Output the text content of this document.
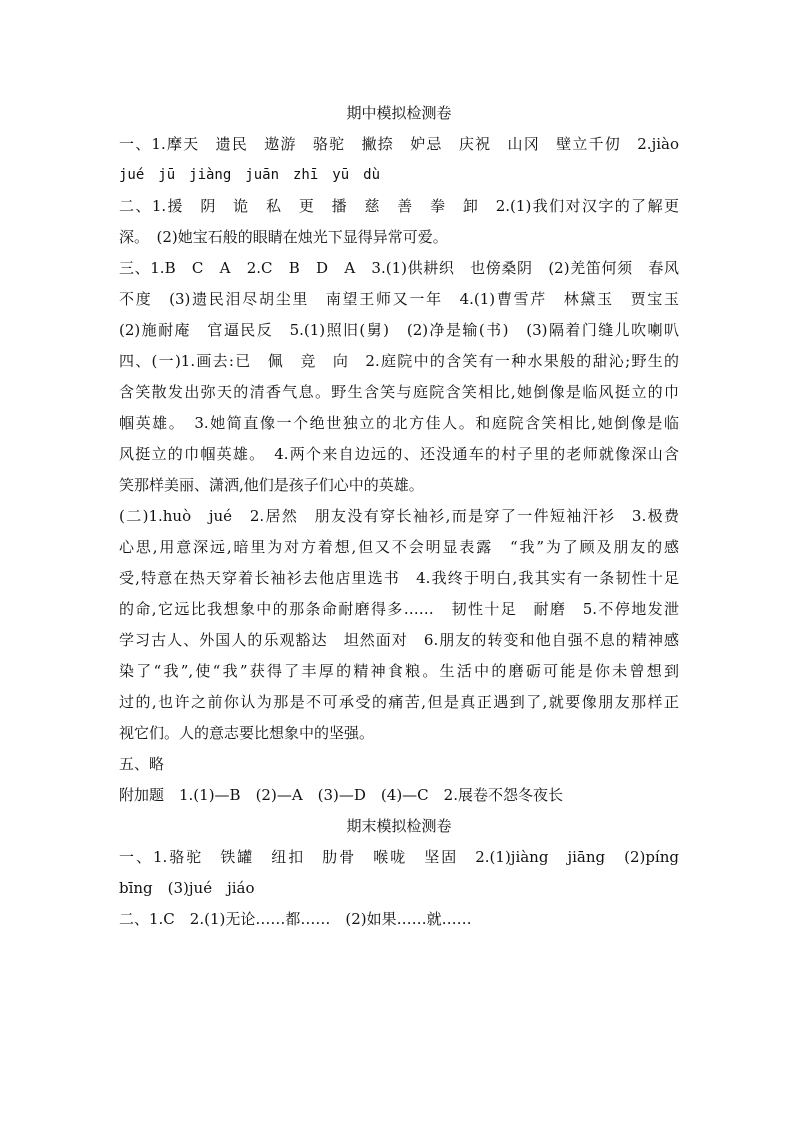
期中模拟检测卷
一、1.摩天　遗民　遨游　骆驼　撇捺　妒忌　庆祝　山冈　壁立千仞　2.jiào
jué　jū　jiàng　juān　zhī　yū　dù
二、1.援　阴　诡　私　更　播　慈　善　拳　卸　2.(1)我们对汉字的了解更
深。　(2)她宝石般的眼睛在烛光下显得异常可爱。
三、1.B　C　A　2.C　B　D　A　3.(1)供耕织　也傍桑阴　(2)羌笛何须　春风
不度　(3)遗民泪尽胡尘里　南望王师又一年　4.(1)曹雪芹　林黛玉　贾宝玉
(2)施耐庵　官逼民反　5.(1)照旧(舅)　(2)净是输(书)　(3)隔着门缝儿吹喇叭
四、(一)1.画去:已　佩　竞　向　2.庭院中的含笑有一种水果般的甜沁;野生的
含笑散发出弥天的清香气息。野生含笑与庭院含笑相比,她倒像是临风挺立的巾
帼英雄。　3.她简直像一个绝世独立的北方佳人。和庭院含笑相比,她倒像是临
风挺立的巾帼英雄。　4.两个来自边远的、还没通车的村子里的老师就像深山含
笑那样美丽、潇洒,他们是孩子们心中的英雄。
(二)1.huò　jué　2.居然　朋友没有穿长袖衫,而是穿了一件短袖汗衫　3.极费
心思,用意深远,暗里为对方着想,但又不会明显表露　“我”为了顾及朋友的感
受,特意在热天穿着长袖衫去他店里选书　4.我终于明白,我其实有一条韧性十足
的命,它远比我想象中的那条命耐磨得多……　韧性十足　耐磨　5.不停地发泄
学习古人、外国人的乐观豁达　坦然面对　6.朋友的转变和他自强不息的精神感
染了“我”,使“我”获得了丰厚的精神食粮。生活中的磨砺可能是你未曾想到
过的,也许之前你认为那是不可承受的痛苦,但是真正遇到了,就要像朋友那样正
视它们。人的意志要比想象中的坚强。
五、略
附加题　1.(1)—B　(2)—A　(3)—D　(4)—C　2.展卷不怨冬夜长
期末模拟检测卷
一、1.骆驼　铁罐　纽扣　肋骨　喉咙　坚固　2.(1)jiàng　jiāng　(2)píng
bīng　(3)jué　jiáo
二、1.C　2.(1)无论……都……　(2)如果……就……
